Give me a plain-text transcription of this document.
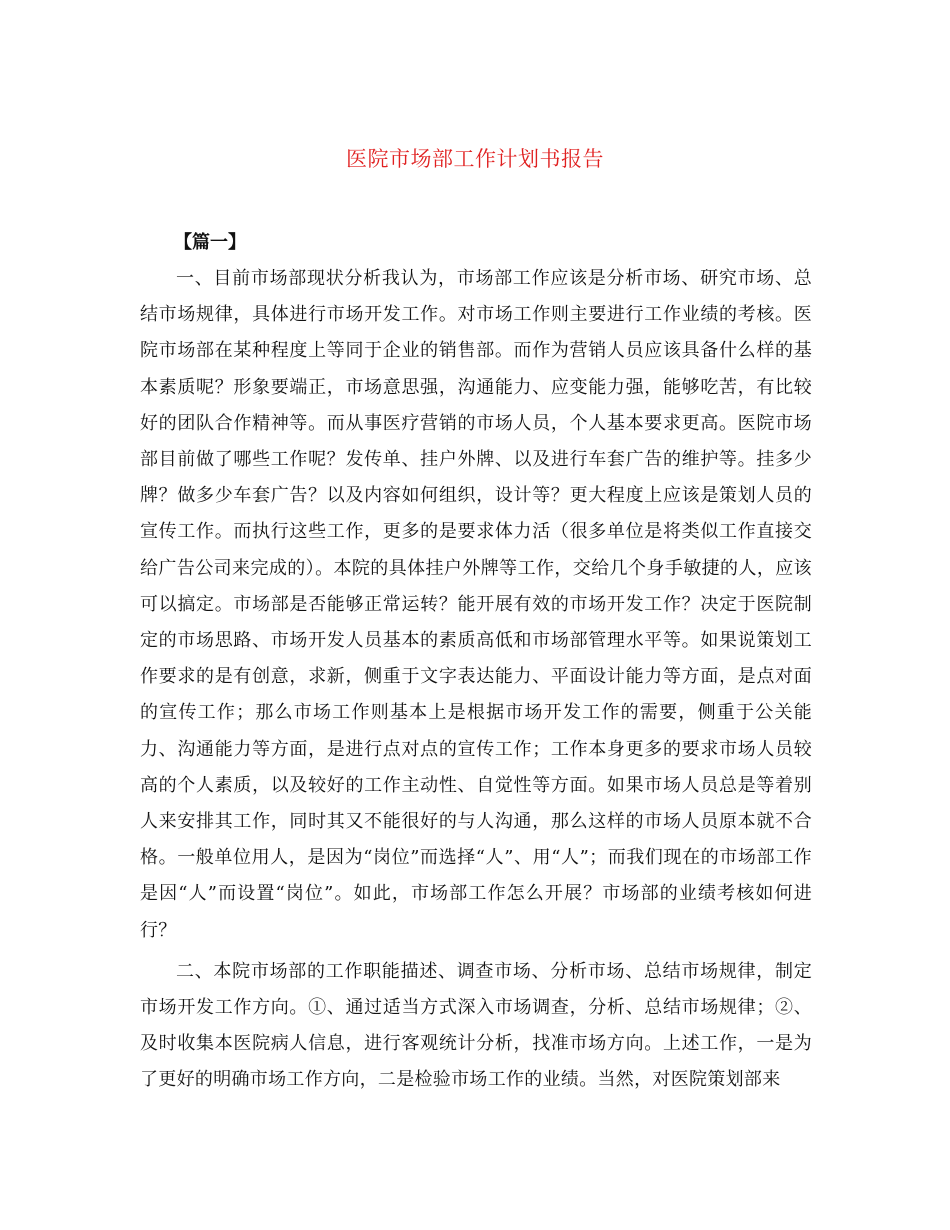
医院市场部工作计划书报告

【篇一】

一、目前市场部现状分析我认为，市场部工作应该是分析市场、研究市场、总结市场规律，具体进行市场开发工作。对市场工作则主要进行工作业绩的考核。医院市场部在某种程度上等同于企业的销售部。而作为营销人员应该具备什么样的基本素质呢？形象要端正，市场意思强，沟通能力、应变能力强，能够吃苦，有比较好的团队合作精神等。而从事医疗营销的市场人员，个人基本要求更高。医院市场部目前做了哪些工作呢？发传单、挂户外牌、以及进行车套广告的维护等。挂多少牌？做多少车套广告？以及内容如何组织，设计等？更大程度上应该是策划人员的宣传工作。而执行这些工作，更多的是要求体力活（很多单位是将类似工作直接交给广告公司来完成的）。本院的具体挂户外牌等工作，交给几个身手敏捷的人，应该可以搞定。市场部是否能够正常运转？能开展有效的市场开发工作？决定于医院制定的市场思路、市场开发人员基本的素质高低和市场部管理水平等。如果说策划工作要求的是有创意，求新，侧重于文字表达能力、平面设计能力等方面，是点对面的宣传工作；那么市场工作则基本上是根据市场开发工作的需要，侧重于公关能力、沟通能力等方面，是进行点对点的宣传工作；工作本身更多的要求市场人员较高的个人素质，以及较好的工作主动性、自觉性等方面。如果市场人员总是等着别人来安排其工作，同时其又不能很好的与人沟通，那么这样的市场人员原本就不合格。一般单位用人，是因为“岗位”而选择“人”、用“人”；而我们现在的市场部工作是因“人”而设置“岗位”。如此，市场部工作怎么开展？市场部的业绩考核如何进行？

二、本院市场部的工作职能描述、调查市场、分析市场、总结市场规律，制定市场开发工作方向。①、通过适当方式深入市场调查，分析、总结市场规律；②、及时收集本医院病人信息，进行客观统计分析，找准市场方向。上述工作，一是为了更好的明确市场工作方向，二是检验市场工作的业绩。当然，对医院策划部来
